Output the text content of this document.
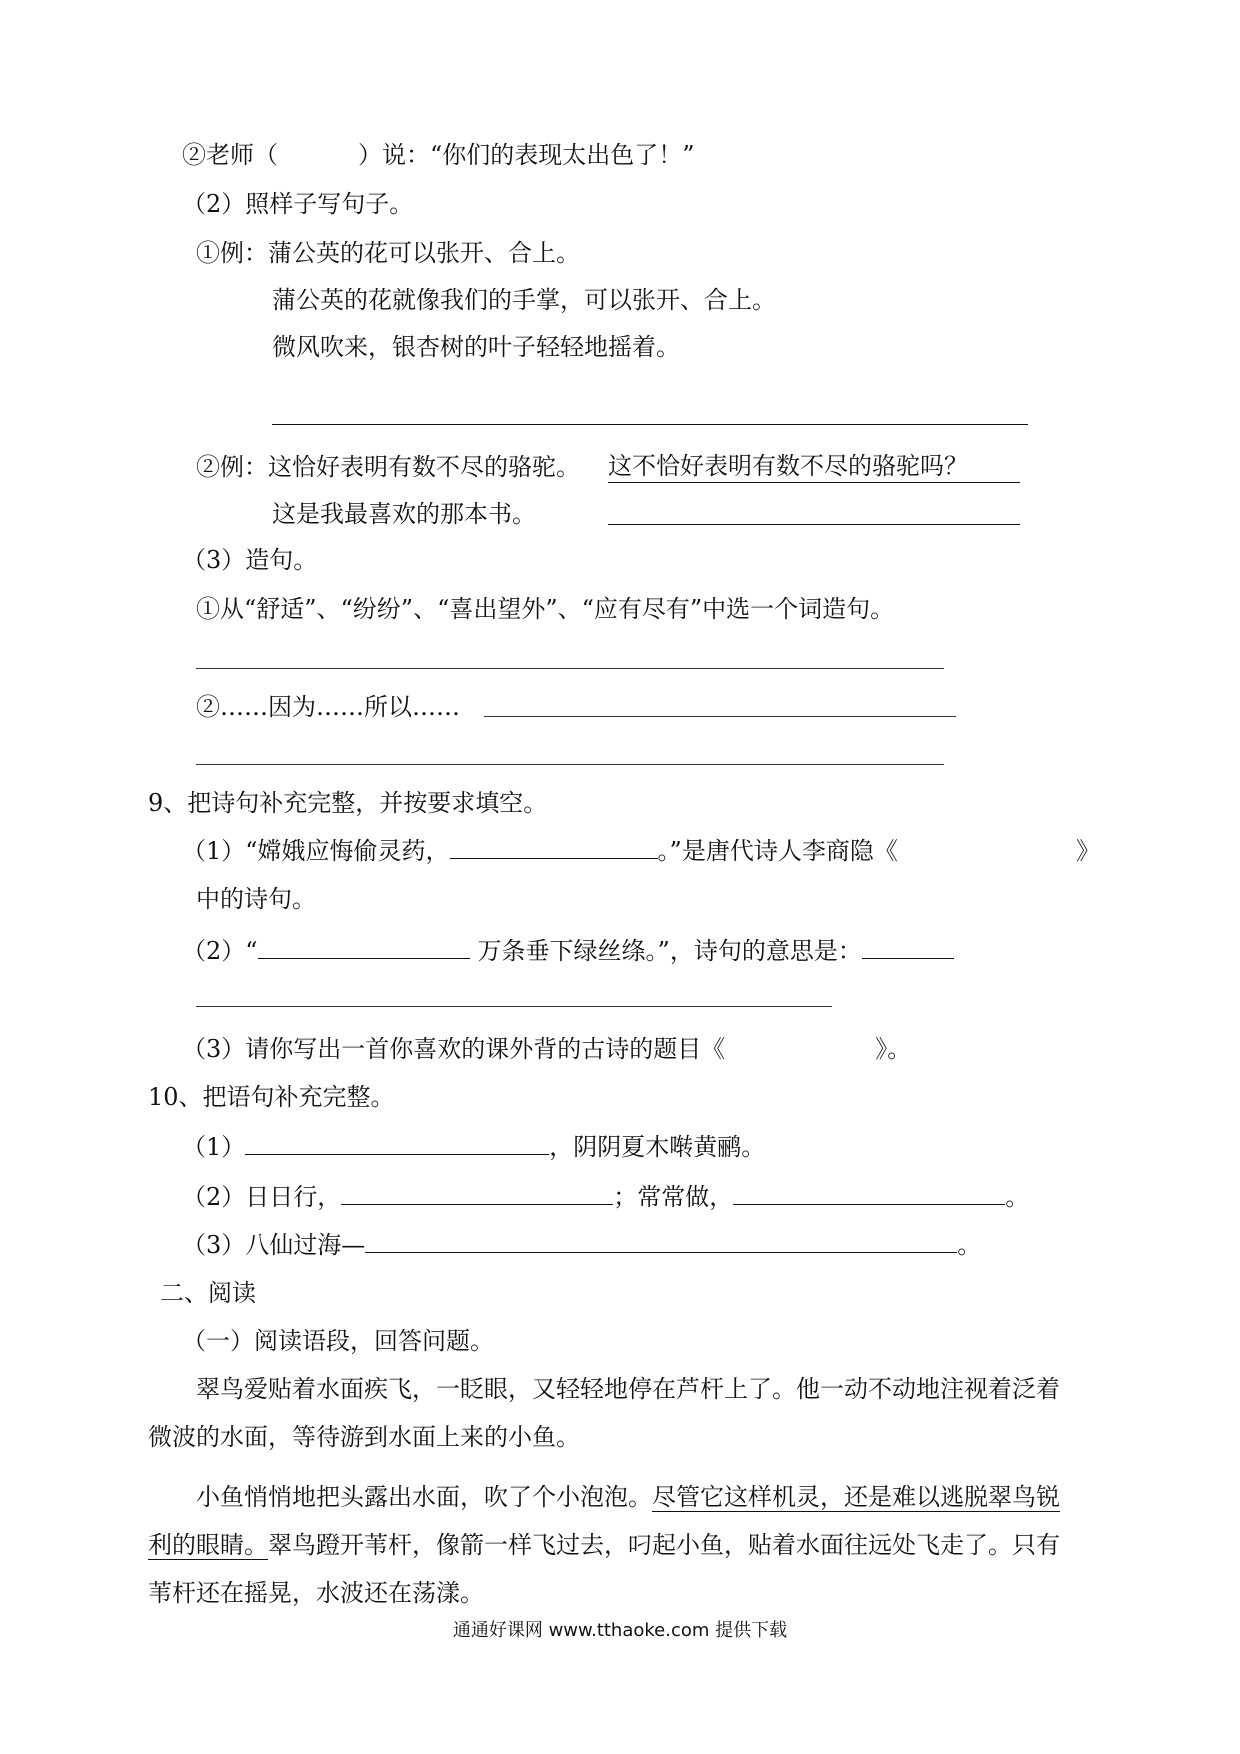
②老师（	）说：“你们的表现太出色了！”
（2）照样子写句子。
①例：蒲公英的花可以张开、合上。
蒲公英的花就像我们的手掌，可以张开、合上。
微风吹来，银杏树的叶子轻轻地摇着。
②例：这恰好表明有数不尽的骆驼。 这不恰好表明有数不尽的骆驼吗？
这是我最喜欢的那本书。
（3）造句。
①从“舒适”、“纷纷”、“喜出望外”、“应有尽有”中选一个词造句。
②……因为……所以……
9、把诗句补充完整，并按要求填空。
（1）“嫦娥应悔偷灵药，	。”是唐代诗人李商隐《	》
中的诗句。
（2）“	万条垂下绿丝绦。”，诗句的意思是：
（3）请你写出一首你喜欢的课外背的古诗的题目《	》。
10、把语句补充完整。
（1）	，阴阴夏木啭黄鹂。
（2）日日行，	；常常做，	。
（3）八仙过海—	。
二、阅读
（一）阅读语段，回答问题。
翠鸟爱贴着水面疾飞，一眨眼，又轻轻地停在芦杆上了。他一动不动地注视着泛着
微波的水面，等待游到水面上来的小鱼。
小鱼悄悄地把头露出水面，吹了个小泡泡。尽管它这样机灵，还是难以逃脱翠鸟锐
利的眼睛。翠鸟蹬开苇杆，像箭一样飞过去，叼起小鱼，贴着水面往远处飞走了。只有
苇杆还在摇晃，水波还在荡漾。
通通好课网 www.tthaoke.com 提供下载
